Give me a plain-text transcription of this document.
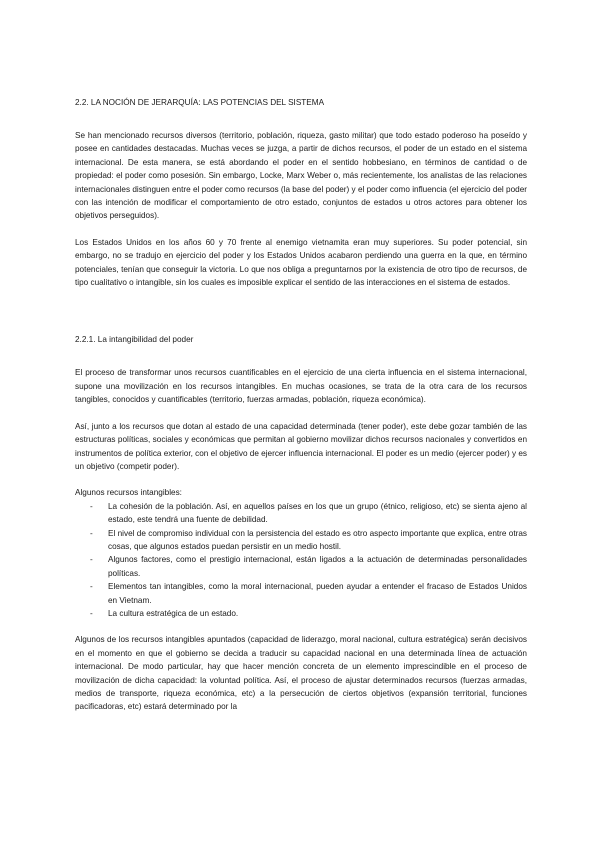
2.2. LA NOCIÓN DE JERARQUÍA: LAS POTENCIAS DEL SISTEMA

Se han mencionado recursos diversos (territorio, población, riqueza, gasto militar) que todo estado poderoso ha poseído y posee en cantidades destacadas. Muchas veces se juzga, a partir de dichos recursos, el poder de un estado en el sistema internacional. De esta manera, se está abordando el poder en el sentido hobbesiano, en términos de cantidad o de propiedad: el poder como posesión. Sin embargo, Locke, Marx Weber o, más recientemente, los analistas de las relaciones internacionales distinguen entre el poder como recursos (la base del poder) y el poder como influencia (el ejercicio del poder con las intención de modificar el comportamiento de otro estado, conjuntos de estados u otros actores para obtener los objetivos perseguidos).

Los Estados Unidos en los años 60 y 70 frente al enemigo vietnamita eran muy superiores. Su poder potencial, sin embargo, no se tradujo en ejercicio del poder y los Estados Unidos acabaron perdiendo una guerra en la que, en término potenciales, tenían que conseguir la victoria. Lo que nos obliga a preguntarnos por la existencia de otro tipo de recursos, de tipo cualitativo o intangible, sin los cuales es imposible explicar el sentido de las interacciones en el sistema de estados.

2.2.1. La intangibilidad del poder

El proceso de transformar unos recursos cuantificables en el ejercicio de una cierta influencia en el sistema internacional, supone una movilización en los recursos intangibles. En muchas ocasiones, se trata de la otra cara de los recursos tangibles, conocidos y cuantificables (territorio, fuerzas armadas, población, riqueza económica).

Así, junto a los recursos que dotan al estado de una capacidad determinada (tener poder), este debe gozar también de las estructuras políticas, sociales y económicas que permitan al gobierno movilizar dichos recursos nacionales y convertidos en instrumentos de política exterior, con el objetivo de ejercer influencia internacional. El poder es un medio (ejercer poder) y es un objetivo (competir poder).

Algunos recursos intangibles:

- La cohesión de la población. Así, en aquellos países en los que un grupo (étnico, religioso, etc) se sienta ajeno al estado, este tendrá una fuente de debilidad.
- El nivel de compromiso individual con la persistencia del estado es otro aspecto importante que explica, entre otras cosas, que algunos estados puedan persistir en un medio hostil.
- Algunos factores, como el prestigio internacional, están ligados a la actuación de determinadas personalidades políticas.
- Elementos tan intangibles, como la moral internacional, pueden ayudar a entender el fracaso de Estados Unidos en Vietnam.
- La cultura estratégica de un estado.

Algunos de los recursos intangibles apuntados (capacidad de liderazgo, moral nacional, cultura estratégica) serán decisivos en el momento en que el gobierno se decida a traducir su capacidad nacional en una determinada línea de actuación internacional. De modo particular, hay que hacer mención concreta de un elemento imprescindible en el proceso de movilización de dicha capacidad: la voluntad política. Así, el proceso de ajustar determinados recursos (fuerzas armadas, medios de transporte, riqueza económica, etc) a la persecución de ciertos objetivos (expansión territorial, funciones pacificadoras, etc) estará determinado por la
